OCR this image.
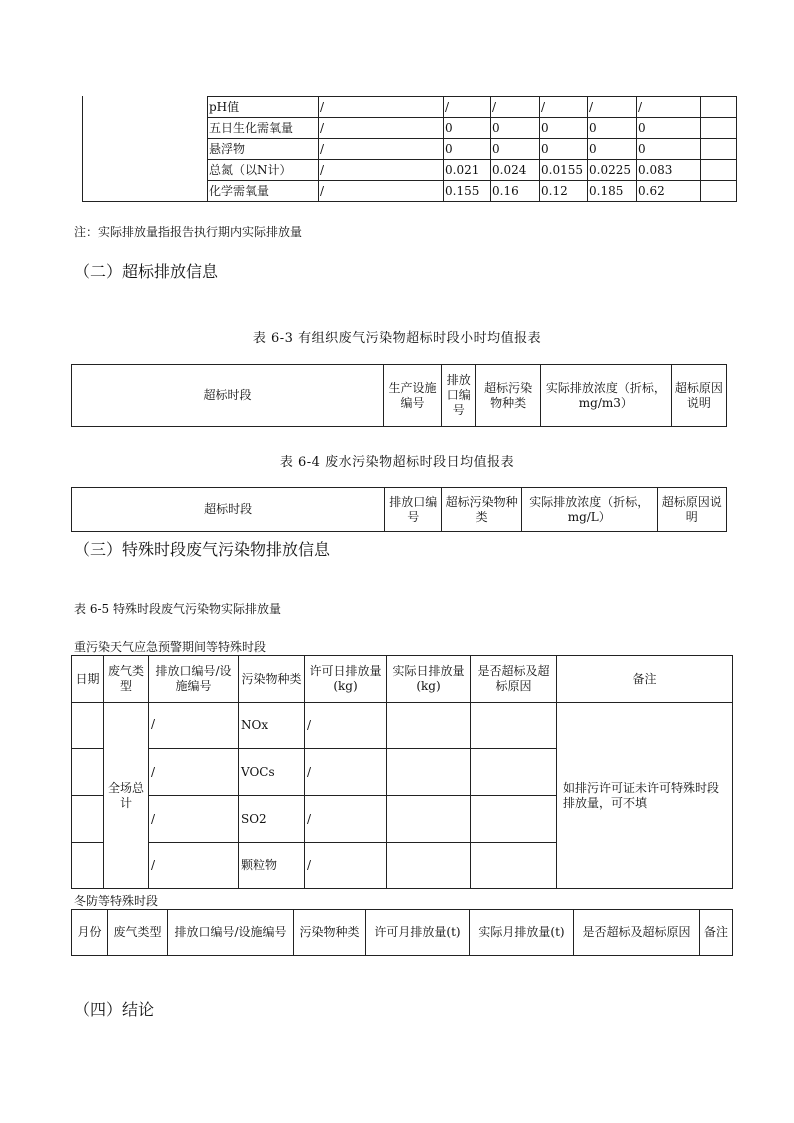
	pH值	/	/	/	/	/	/	
	五日生化需氧量	/	0	0	0	0	0	
	悬浮物	/	0	0	0	0	0	
	总氮（以N计）	/	0.021	0.024	0.0155	0.0225	0.083	
	化学需氧量	/	0.155	0.16	0.12	0.185	0.62	
注：实际排放量指报告执行期内实际排放量
（二）超标排放信息
表 6-3 有组织废气污染物超标时段小时均值报表
超标时段	生产设施编号	排放口编号	超标污染物种类	实际排放浓度（折标，mg/m3）	超标原因说明
表 6-4 废水污染物超标时段日均值报表
超标时段	排放口编号	超标污染物种类	实际排放浓度（折标，mg/L）	超标原因说明
（三）特殊时段废气污染物排放信息
表 6-5 特殊时段废气污染物实际排放量
重污染天气应急预警期间等特殊时段
日期	废气类型	排放口编号/设施编号	污染物种类	许可日排放量(kg)	实际日排放量(kg)	是否超标及超标原因	备注
	全场总计	/	NOx	/			如排污许可证未许可特殊时段排放量，可不填
		/	VOCs	/			
		/	SO2	/			
		/	颗粒物	/			
冬防等特殊时段
月份	废气类型	排放口编号/设施编号	污染物种类	许可月排放量(t)	实际月排放量(t)	是否超标及超标原因	备注
（四）结论
